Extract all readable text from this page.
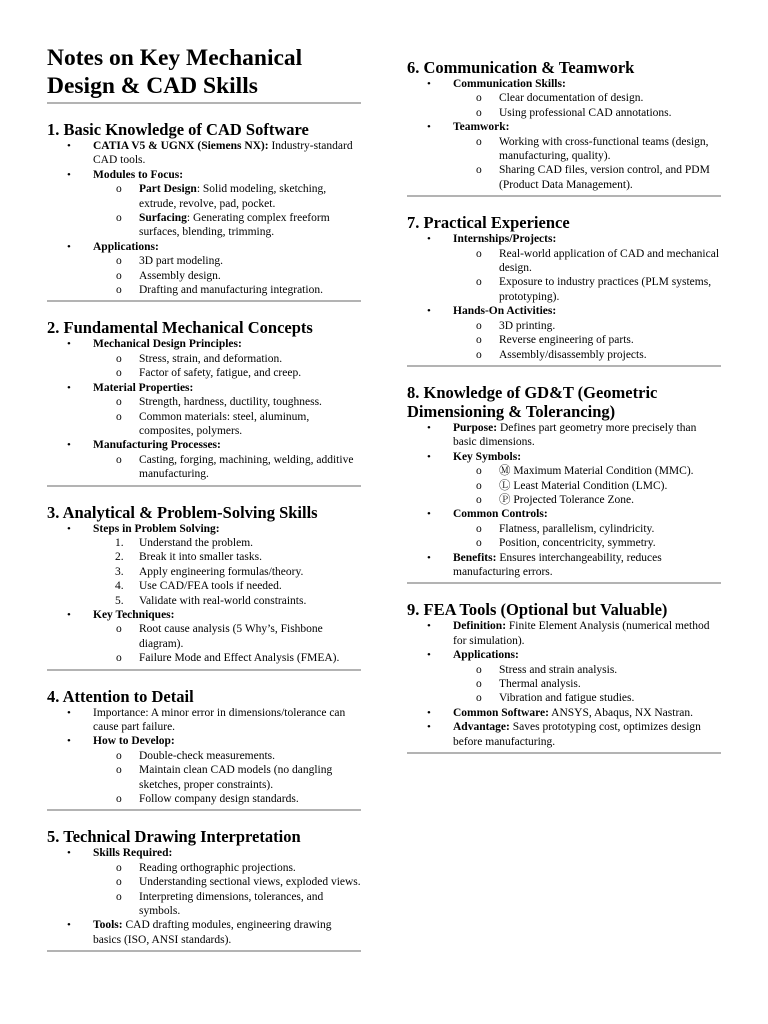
Notes on Key Mechanical Design & CAD Skills
1. Basic Knowledge of CAD Software
• CATIA V5 & UGNX (Siemens NX): Industry-standard CAD tools.
• Modules to Focus:
o Part Design: Solid modeling, sketching, extrude, revolve, pad, pocket.
o Surfacing: Generating complex freeform surfaces, blending, trimming.
• Applications:
o 3D part modeling.
o Assembly design.
o Drafting and manufacturing integration.
2. Fundamental Mechanical Concepts
• Mechanical Design Principles:
o Stress, strain, and deformation.
o Factor of safety, fatigue, and creep.
• Material Properties:
o Strength, hardness, ductility, toughness.
o Common materials: steel, aluminum, composites, polymers.
• Manufacturing Processes:
o Casting, forging, machining, welding, additive manufacturing.
3. Analytical & Problem-Solving Skills
• Steps in Problem Solving:
1. Understand the problem.
2. Break it into smaller tasks.
3. Apply engineering formulas/theory.
4. Use CAD/FEA tools if needed.
5. Validate with real-world constraints.
• Key Techniques:
o Root cause analysis (5 Why’s, Fishbone diagram).
o Failure Mode and Effect Analysis (FMEA).
4. Attention to Detail
• Importance: A minor error in dimensions/tolerance can cause part failure.
• How to Develop:
o Double-check measurements.
o Maintain clean CAD models (no dangling sketches, proper constraints).
o Follow company design standards.
5. Technical Drawing Interpretation
• Skills Required:
o Reading orthographic projections.
o Understanding sectional views, exploded views.
o Interpreting dimensions, tolerances, and symbols.
• Tools: CAD drafting modules, engineering drawing basics (ISO, ANSI standards).
6. Communication & Teamwork
• Communication Skills:
o Clear documentation of design.
o Using professional CAD annotations.
• Teamwork:
o Working with cross-functional teams (design, manufacturing, quality).
o Sharing CAD files, version control, and PDM (Product Data Management).
7. Practical Experience
• Internships/Projects:
o Real-world application of CAD and mechanical design.
o Exposure to industry practices (PLM systems, prototyping).
• Hands-On Activities:
o 3D printing.
o Reverse engineering of parts.
o Assembly/disassembly projects.
8. Knowledge of GD&T (Geometric Dimensioning & Tolerancing)
• Purpose: Defines part geometry more precisely than basic dimensions.
• Key Symbols:
o Ⓜ Maximum Material Condition (MMC).
o Ⓛ Least Material Condition (LMC).
o Ⓟ Projected Tolerance Zone.
• Common Controls:
o Flatness, parallelism, cylindricity.
o Position, concentricity, symmetry.
• Benefits: Ensures interchangeability, reduces manufacturing errors.
9. FEA Tools (Optional but Valuable)
• Definition: Finite Element Analysis (numerical method for simulation).
• Applications:
o Stress and strain analysis.
o Thermal analysis.
o Vibration and fatigue studies.
• Common Software: ANSYS, Abaqus, NX Nastran.
• Advantage: Saves prototyping cost, optimizes design before manufacturing.
